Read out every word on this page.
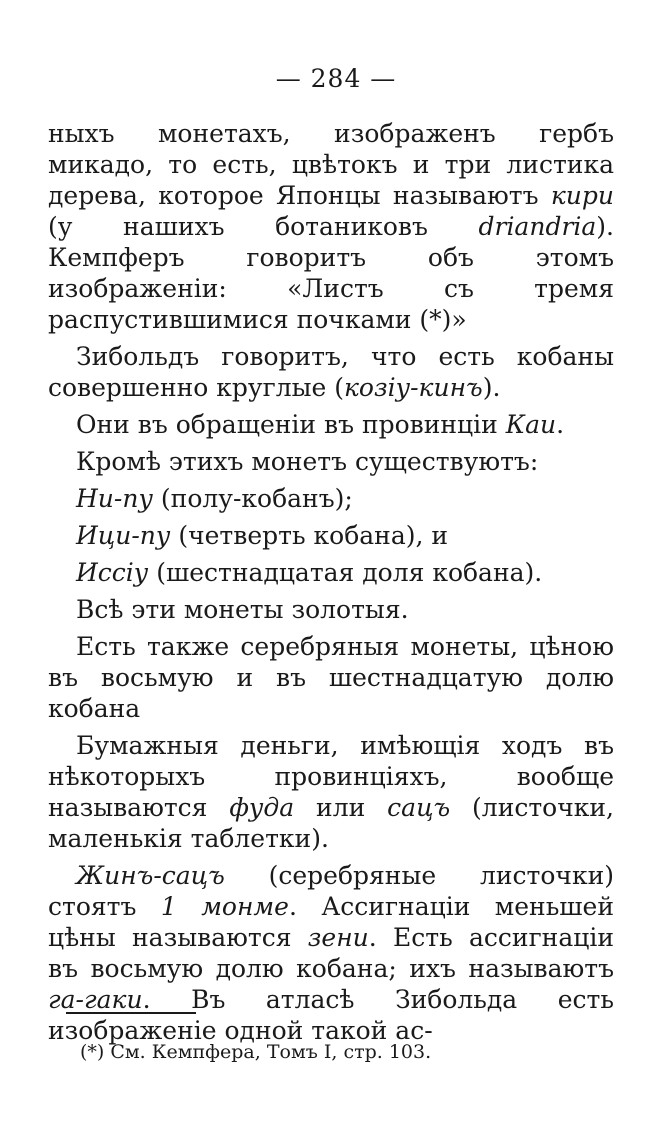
— 284 —

ныхъ монетахъ, изображенъ гербъ микадо, то есть, цвѣтокъ и три листика дерева, которое Японцы называютъ кири (у нашихъ ботаниковъ driandria). Кемпферъ говоритъ объ этомъ изображеніи: «Листъ съ тремя распустившимися почками (*)»

Зибольдъ говоритъ, что есть кобаны совершенно круглые (козіу-кинъ).

Они въ обращеніи въ провинціи Каи.

Кромѣ этихъ монетъ существуютъ:

Ни-пу (полу-кобанъ);

Ици-пу (четверть кобана), и

Иссіу (шестнадцатая доля кобана).

Всѣ эти монеты золотыя.

Есть также серебряныя монеты, цѣною въ восьмую и въ шестнадцатую долю кобана

Бумажныя деньги, имѣющія ходъ въ нѣкоторыхъ провинціяхъ, вообще называются фуда или сацъ (листочки, маленькія таблетки).

Жинъ-сацъ (серебряные листочки) стоятъ 1 монме. Ассигнаціи меньшей цѣны называются зени. Есть ассигнаціи въ восьмую долю кобана; ихъ называютъ га-гаки. Въ атласѣ Зибольда есть изображеніе одной такой ас-

(*) См. Кемпфера, Томъ I, стр. 103.
